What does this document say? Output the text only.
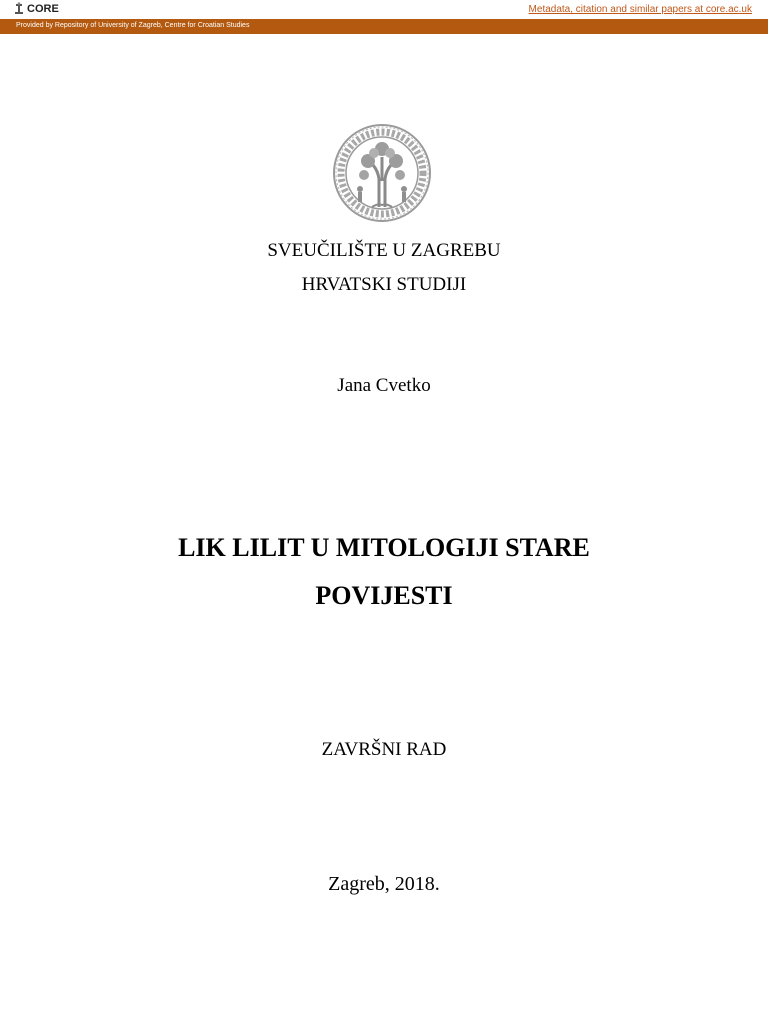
CORE	Metadata, citation and similar papers at core.ac.uk
Provided by Repository of University of Zagreb, Centre for Croatian Studies
SVEUČILIŠTE U ZAGREBU
HRVATSKI STUDIJI
Jana Cvetko
LIK LILIT U MITOLOGIJI STARE
POVIJESTI
ZAVRŠNI RAD
Zagreb, 2018.
